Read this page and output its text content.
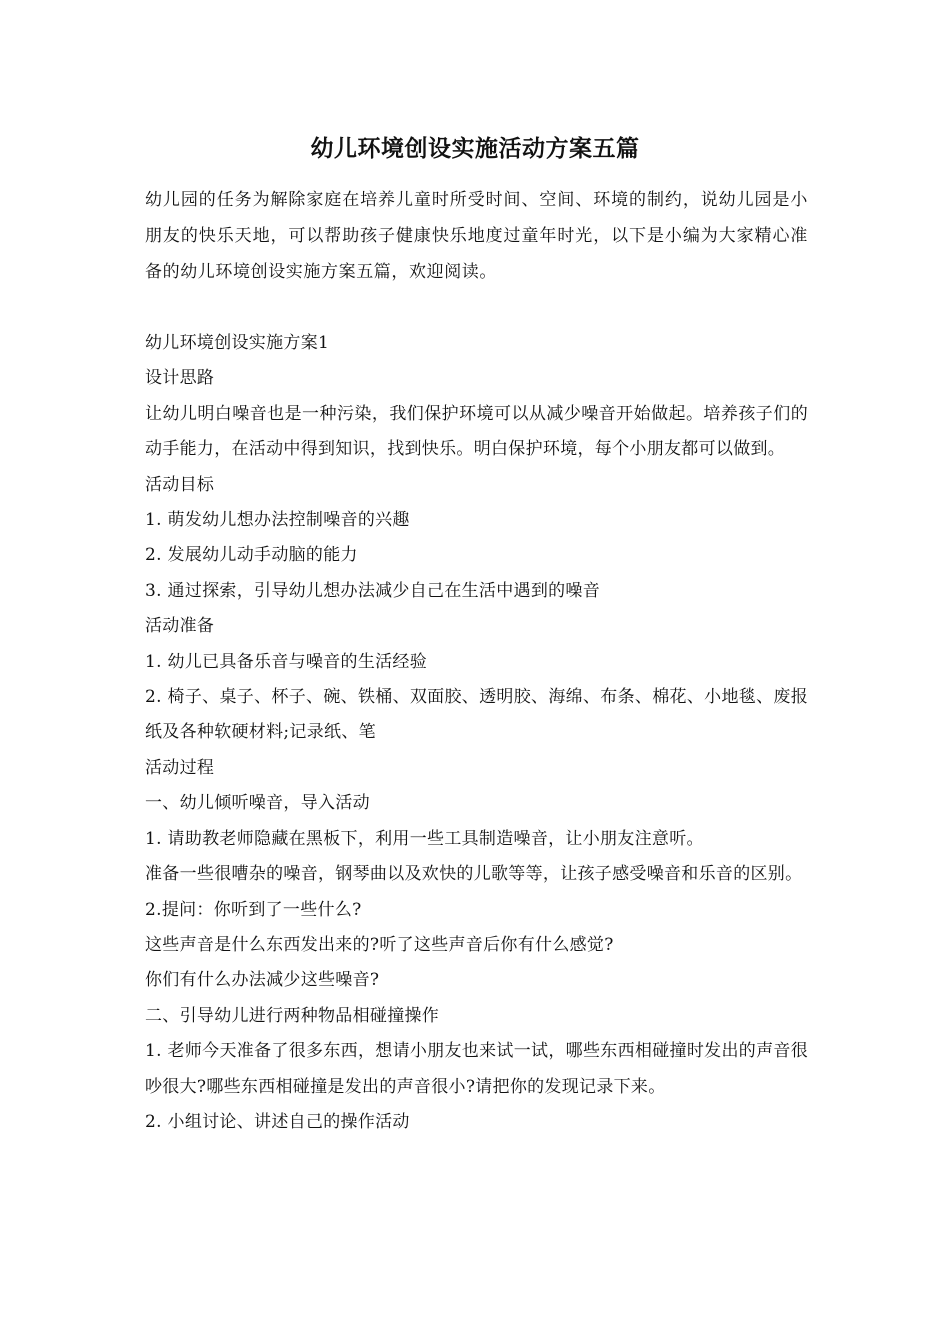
幼儿环境创设实施活动方案五篇
幼儿园的任务为解除家庭在培养儿童时所受时间、空间、环境的制约，说幼儿园是小朋友的快乐天地，可以帮助孩子健康快乐地度过童年时光，以下是小编为大家精心准备的幼儿环境创设实施方案五篇，欢迎阅读。

幼儿环境创设实施方案1

设计思路

让幼儿明白噪音也是一种污染，我们保护环境可以从减少噪音开始做起。培养孩子们的动手能力，在活动中得到知识，找到快乐。明白保护环境，每个小朋友都可以做到。

活动目标

1. 萌发幼儿想办法控制噪音的兴趣

2. 发展幼儿动手动脑的能力

3. 通过探索，引导幼儿想办法减少自己在生活中遇到的噪音

活动准备

1. 幼儿已具备乐音与噪音的生活经验

2. 椅子、桌子、杯子、碗、铁桶、双面胶、透明胶、海绵、布条、棉花、小地毯、废报纸及各种软硬材料;记录纸、笔

活动过程

一、幼儿倾听噪音，导入活动

1. 请助教老师隐藏在黑板下，利用一些工具制造噪音，让小朋友注意听。

准备一些很嘈杂的噪音，钢琴曲以及欢快的儿歌等等，让孩子感受噪音和乐音的区别。

2.提问：你听到了一些什么?

这些声音是什么东西发出来的?听了这些声音后你有什么感觉?

你们有什么办法减少这些噪音?

二、引导幼儿进行两种物品相碰撞操作

1. 老师今天准备了很多东西，想请小朋友也来试一试，哪些东西相碰撞时发出的声音很吵很大?哪些东西相碰撞是发出的声音很小?请把你的发现记录下来。

2. 小组讨论、讲述自己的操作活动
